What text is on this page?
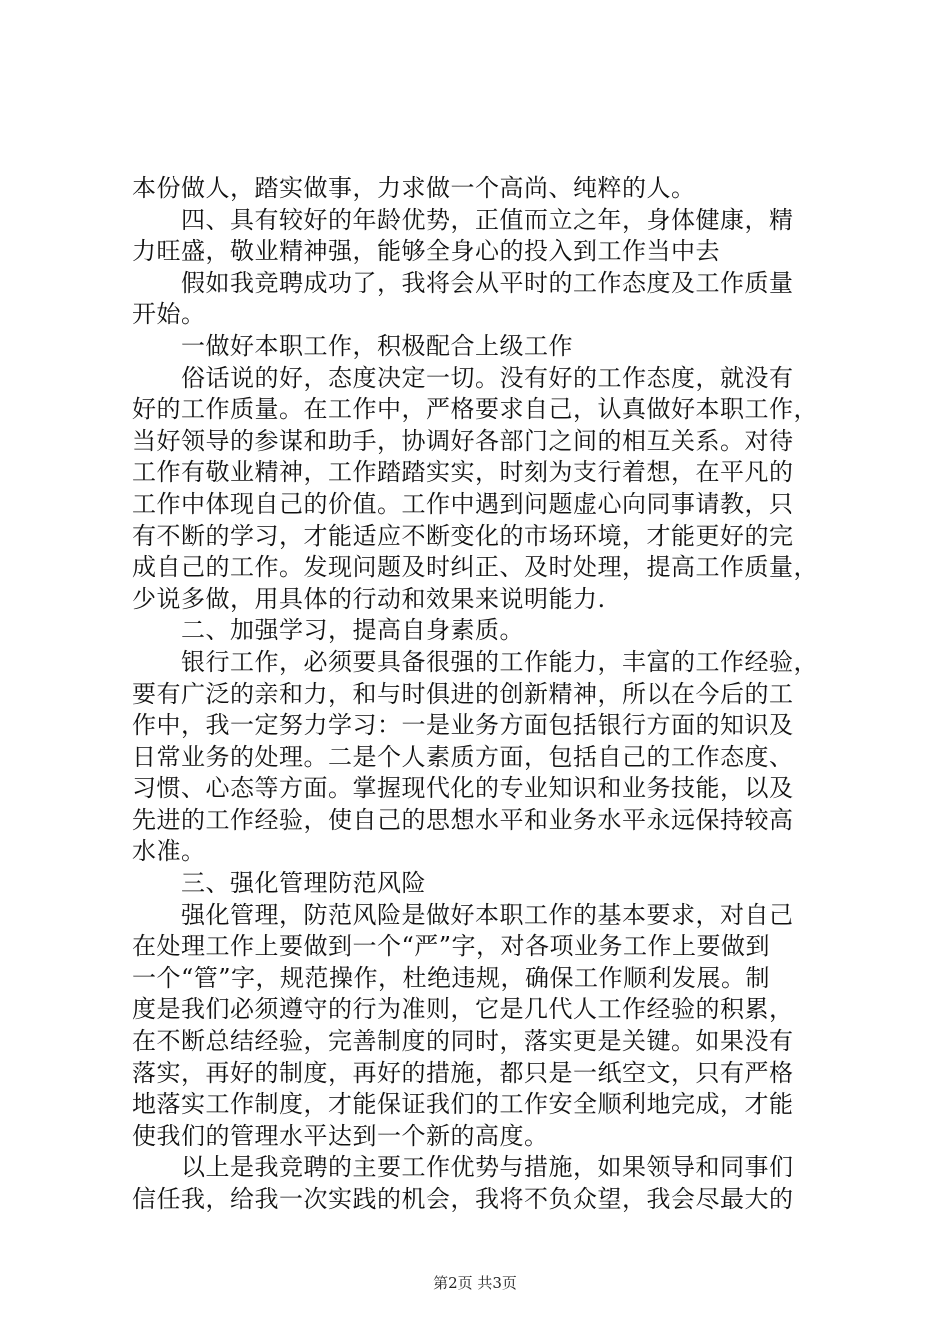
本份做人，踏实做事，力求做一个高尚、纯粹的人。
四、具有较好的年龄优势，正值而立之年，身体健康，精
力旺盛，敬业精神强，能够全身心的投入到工作当中去
假如我竞聘成功了，我将会从平时的工作态度及工作质量
开始。
一做好本职工作，积极配合上级工作
俗话说的好，态度决定一切。没有好的工作态度，就没有
好的工作质量。在工作中，严格要求自己，认真做好本职工作，
当好领导的参谋和助手，协调好各部门之间的相互关系。对待
工作有敬业精神，工作踏踏实实，时刻为支行着想，在平凡的
工作中体现自己的价值。工作中遇到问题虚心向同事请教，只
有不断的学习，才能适应不断变化的市场环境，才能更好的完
成自己的工作。发现问题及时纠正、及时处理，提高工作质量，
少说多做，用具体的行动和效果来说明能力.
二、加强学习，提高自身素质。
银行工作，必须要具备很强的工作能力，丰富的工作经验，
要有广泛的亲和力，和与时俱进的创新精神，所以在今后的工
作中，我一定努力学习：一是业务方面包括银行方面的知识及
日常业务的处理。二是个人素质方面，包括自己的工作态度、
习惯、心态等方面。掌握现代化的专业知识和业务技能，以及
先进的工作经验，使自己的思想水平和业务水平永远保持较高
水准。
三、强化管理防范风险
强化管理，防范风险是做好本职工作的基本要求，对自己
在处理工作上要做到一个“严”字，对各项业务工作上要做到
一个“管”字，规范操作，杜绝违规，确保工作顺利发展。制
度是我们必须遵守的行为准则，它是几代人工作经验的积累，
在不断总结经验，完善制度的同时，落实更是关键。如果没有
落实，再好的制度，再好的措施，都只是一纸空文，只有严格
地落实工作制度，才能保证我们的工作安全顺利地完成，才能
使我们的管理水平达到一个新的高度。
以上是我竞聘的主要工作优势与措施，如果领导和同事们
信任我，给我一次实践的机会，我将不负众望，我会尽最大的
第2页 共3页
